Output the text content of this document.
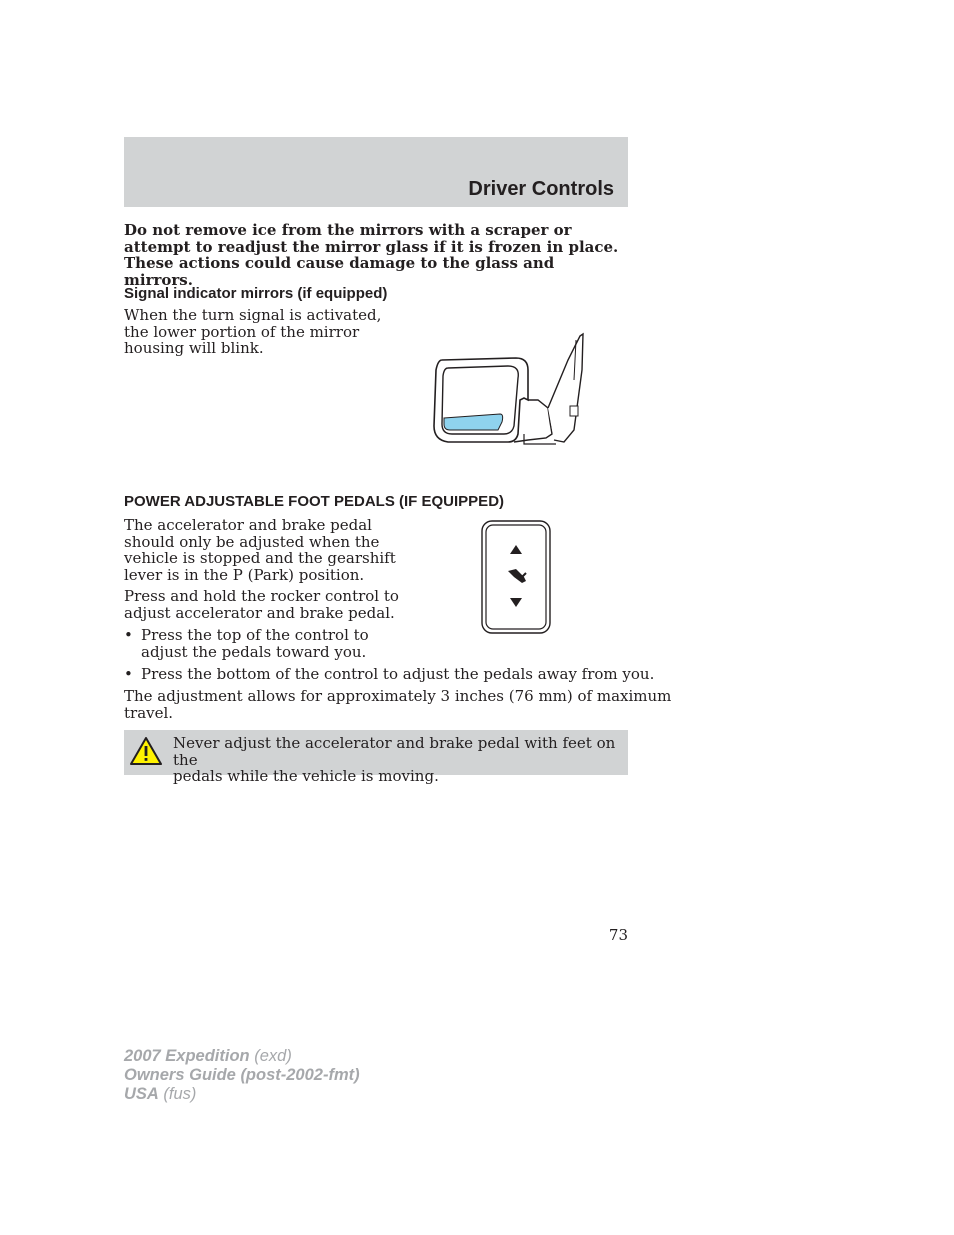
Driver Controls
Do not remove ice from the mirrors with a scraper or attempt to readjust the mirror glass if it is frozen in place. These actions could cause damage to the glass and mirrors.
Signal indicator mirrors (if equipped)
When the turn signal is activated,
the lower portion of the mirror
housing will blink.
POWER ADJUSTABLE FOOT PEDALS (IF EQUIPPED)
The accelerator and brake pedal
should only be adjusted when the
vehicle is stopped and the gearshift
lever is in the P (Park) position.
Press and hold the rocker control to
adjust accelerator and brake pedal.
• Press the top of the control to
adjust the pedals toward you.
• Press the bottom of the control to adjust the pedals away from you.
The adjustment allows for approximately 3 inches (76 mm) of maximum
travel.
Never adjust the accelerator and brake pedal with feet on the
pedals while the vehicle is moving.
73
2007 Expedition (exd)
Owners Guide (post-2002-fmt)
USA (fus)
